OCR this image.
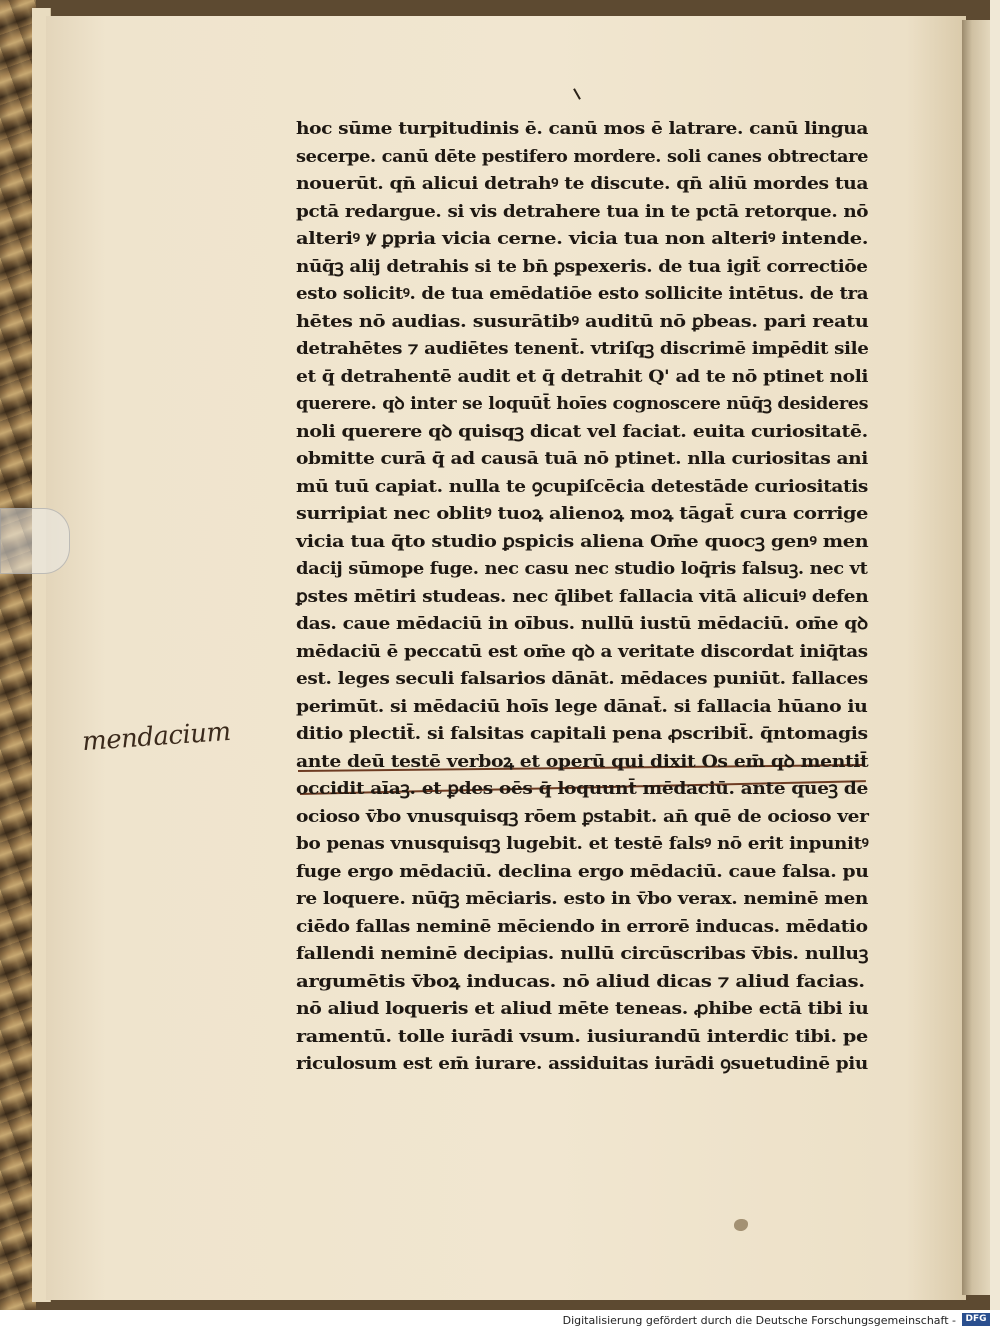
mendacium
hoc sūme turpitudinis ē. canū mos ē latrare. canū lingua
secerpe. canū dēte pestifero mordere. soli canes obtrectare
nouerūt. qn̄ alicui detrahꝰ te discute. qn̄ aliū mordes tua
pctā redargue. si vis detrahere tua in te pctā retorque. nō
alteriꝰ ꝟ ꝑpria vicia cerne. vicia tua non alteriꝰ intende.
nūq̄ꝫ alij detrahis si te bn̄ ꝑspexeris. de tua igit̄ correctiōe
esto solicitꝰ. de tua emēdatiōe esto sollicite intētus. de tra
hētes nō audias. susurātibꝰ auditū nō ꝑbeas. pari reatu
detrahētes ⁊ audiētes tenent̄. vtriſqꝫ discrimē impēdit sile
et q̄ detrahentē audit et q̄ detrahit Q' ad te nō ptinet noli
querere. qꝺ inter se loquūt̄ hoīes cognoscere nūq̄ꝫ desideres
noli querere qꝺ quisqꝫ dicat vel faciat. euita curiositatē.
obmitte curā q̄ ad causā tuā nō ptinet. nlla curiositas ani
mū tuū capiat. nulla te ꝯcupiſcēcia detestāde curiositatis
surripiat nec oblitꝰ tuoꝝ alienoꝝ moꝝ tāgat̄ cura corrige
vicia tua q̄to studio ꝑspicis aliena Om̄e quocꝫ genꝰ men
dacij sūmope fuge. nec casu nec studio loq̄ris falsuꝫ. nec vt
ꝑstes mētiri studeas. nec q̄libet fallacia vitā alicuiꝰ defen
das. caue mēdaciū in oībus. nullū iustū mēdaciū. om̄e qꝺ
mēdaciū ē peccatū est om̄e qꝺ a veritate discordat iniq̄tas
est. leges seculi falsarios dānāt. mēdaces puniūt. fallaces
perimūt. si mēdaciū hoīs lege dānat̄. si fallacia hūano iu
ditio plectit̄. si falsitas capitali pena ꝓscribit̄. q̄ntomagis
ante deū testē verboꝝ et operū qui dixit Os em̄ qꝺ mentit̄
occidit aīaꝫ. et ꝑdes oēs q̄ loquunt̄ mēdaciū. ante queꝫ de
ocioso v̄bo vnusquisqꝫ rōem ꝑstabit. an̄ quē de ocioso ver
bo penas vnusquisqꝫ lugebit. et testē falsꝰ nō erit inpunitꝰ
fuge ergo mēdaciū. declina ergo mēdaciū. caue falsa. pu
re loquere. nūq̄ꝫ mēciaris. esto in v̄bo verax. neminē men
ciēdo fallas neminē mēciendo in errorē inducas. mēdatio
fallendi neminē decipias. nullū circūscribas v̄bis. nulluꝫ
argumētis v̄boꝝ inducas. nō aliud dicas ⁊ aliud facias.
nō aliud loqueris et aliud mēte teneas. ꝓhibe ectā tibi iu
ramentū. tolle iurādi vsum. iusiurandū interdic tibi. pe
riculosum est em̄ iurare. assiduitas iurādi ꝯsuetudinē piu
Digitalisierung gefördert durch die Deutsche Forschungsgemeinschaft -	DFG
